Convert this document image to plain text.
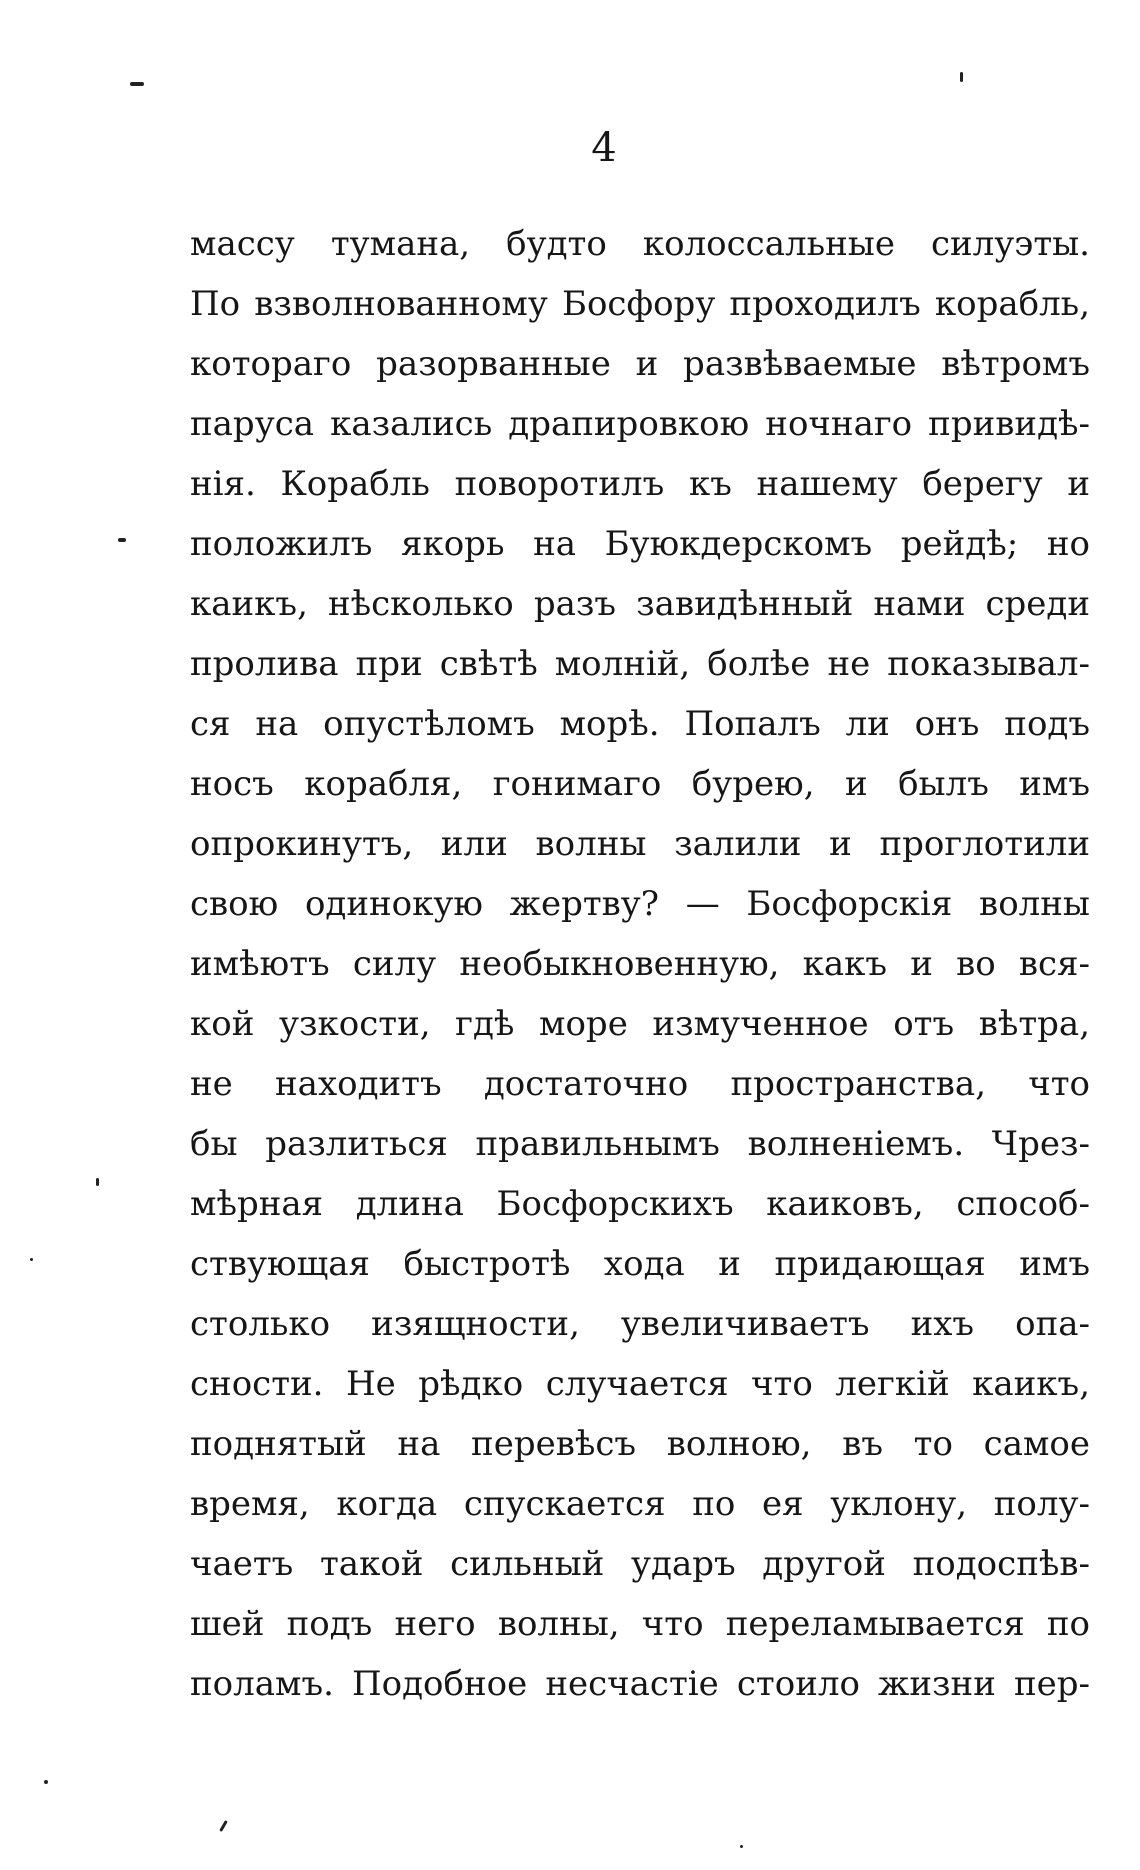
4
массу тумана, будто колоссальные силуэты.
По взволнованному Босфору проходилъ корабль,
котораго разорванные и развѣваемые вѣтромъ
паруса казались драпировкою ночнаго привидѣ-
нія. Корабль поворотилъ къ нашему берегу и
положилъ якорь на Буюкдерскомъ рейдѣ; но
каикъ, нѣсколько разъ завидѣнный нами среди
пролива при свѣтѣ молній, болѣе не показывал-
ся на опустѣломъ морѣ. Попалъ ли онъ подъ
носъ корабля, гонимаго бурею, и былъ имъ
опрокинутъ, или волны залили и проглотили
свою одинокую жертву? — Босфорскія волны
имѣютъ силу необыкновенную, какъ и во вся-
кой узкости, гдѣ море измученное отъ вѣтра,
не находитъ достаточно пространства, что
бы разлиться правильнымъ волненіемъ. Чрез-
мѣрная длина Босфорскихъ каиковъ, способ-
ствующая быстротѣ хода и придающая имъ
столько изящности, увеличиваетъ ихъ опа-
сности. Не рѣдко случается что легкій каикъ,
поднятый на перевѣсъ волною, въ то самое
время, когда спускается по ея уклону, полу-
чаетъ такой сильный ударъ другой подоспѣв-
шей подъ него волны, что переламывается по
поламъ. Подобное несчастіе стоило жизни пер-
